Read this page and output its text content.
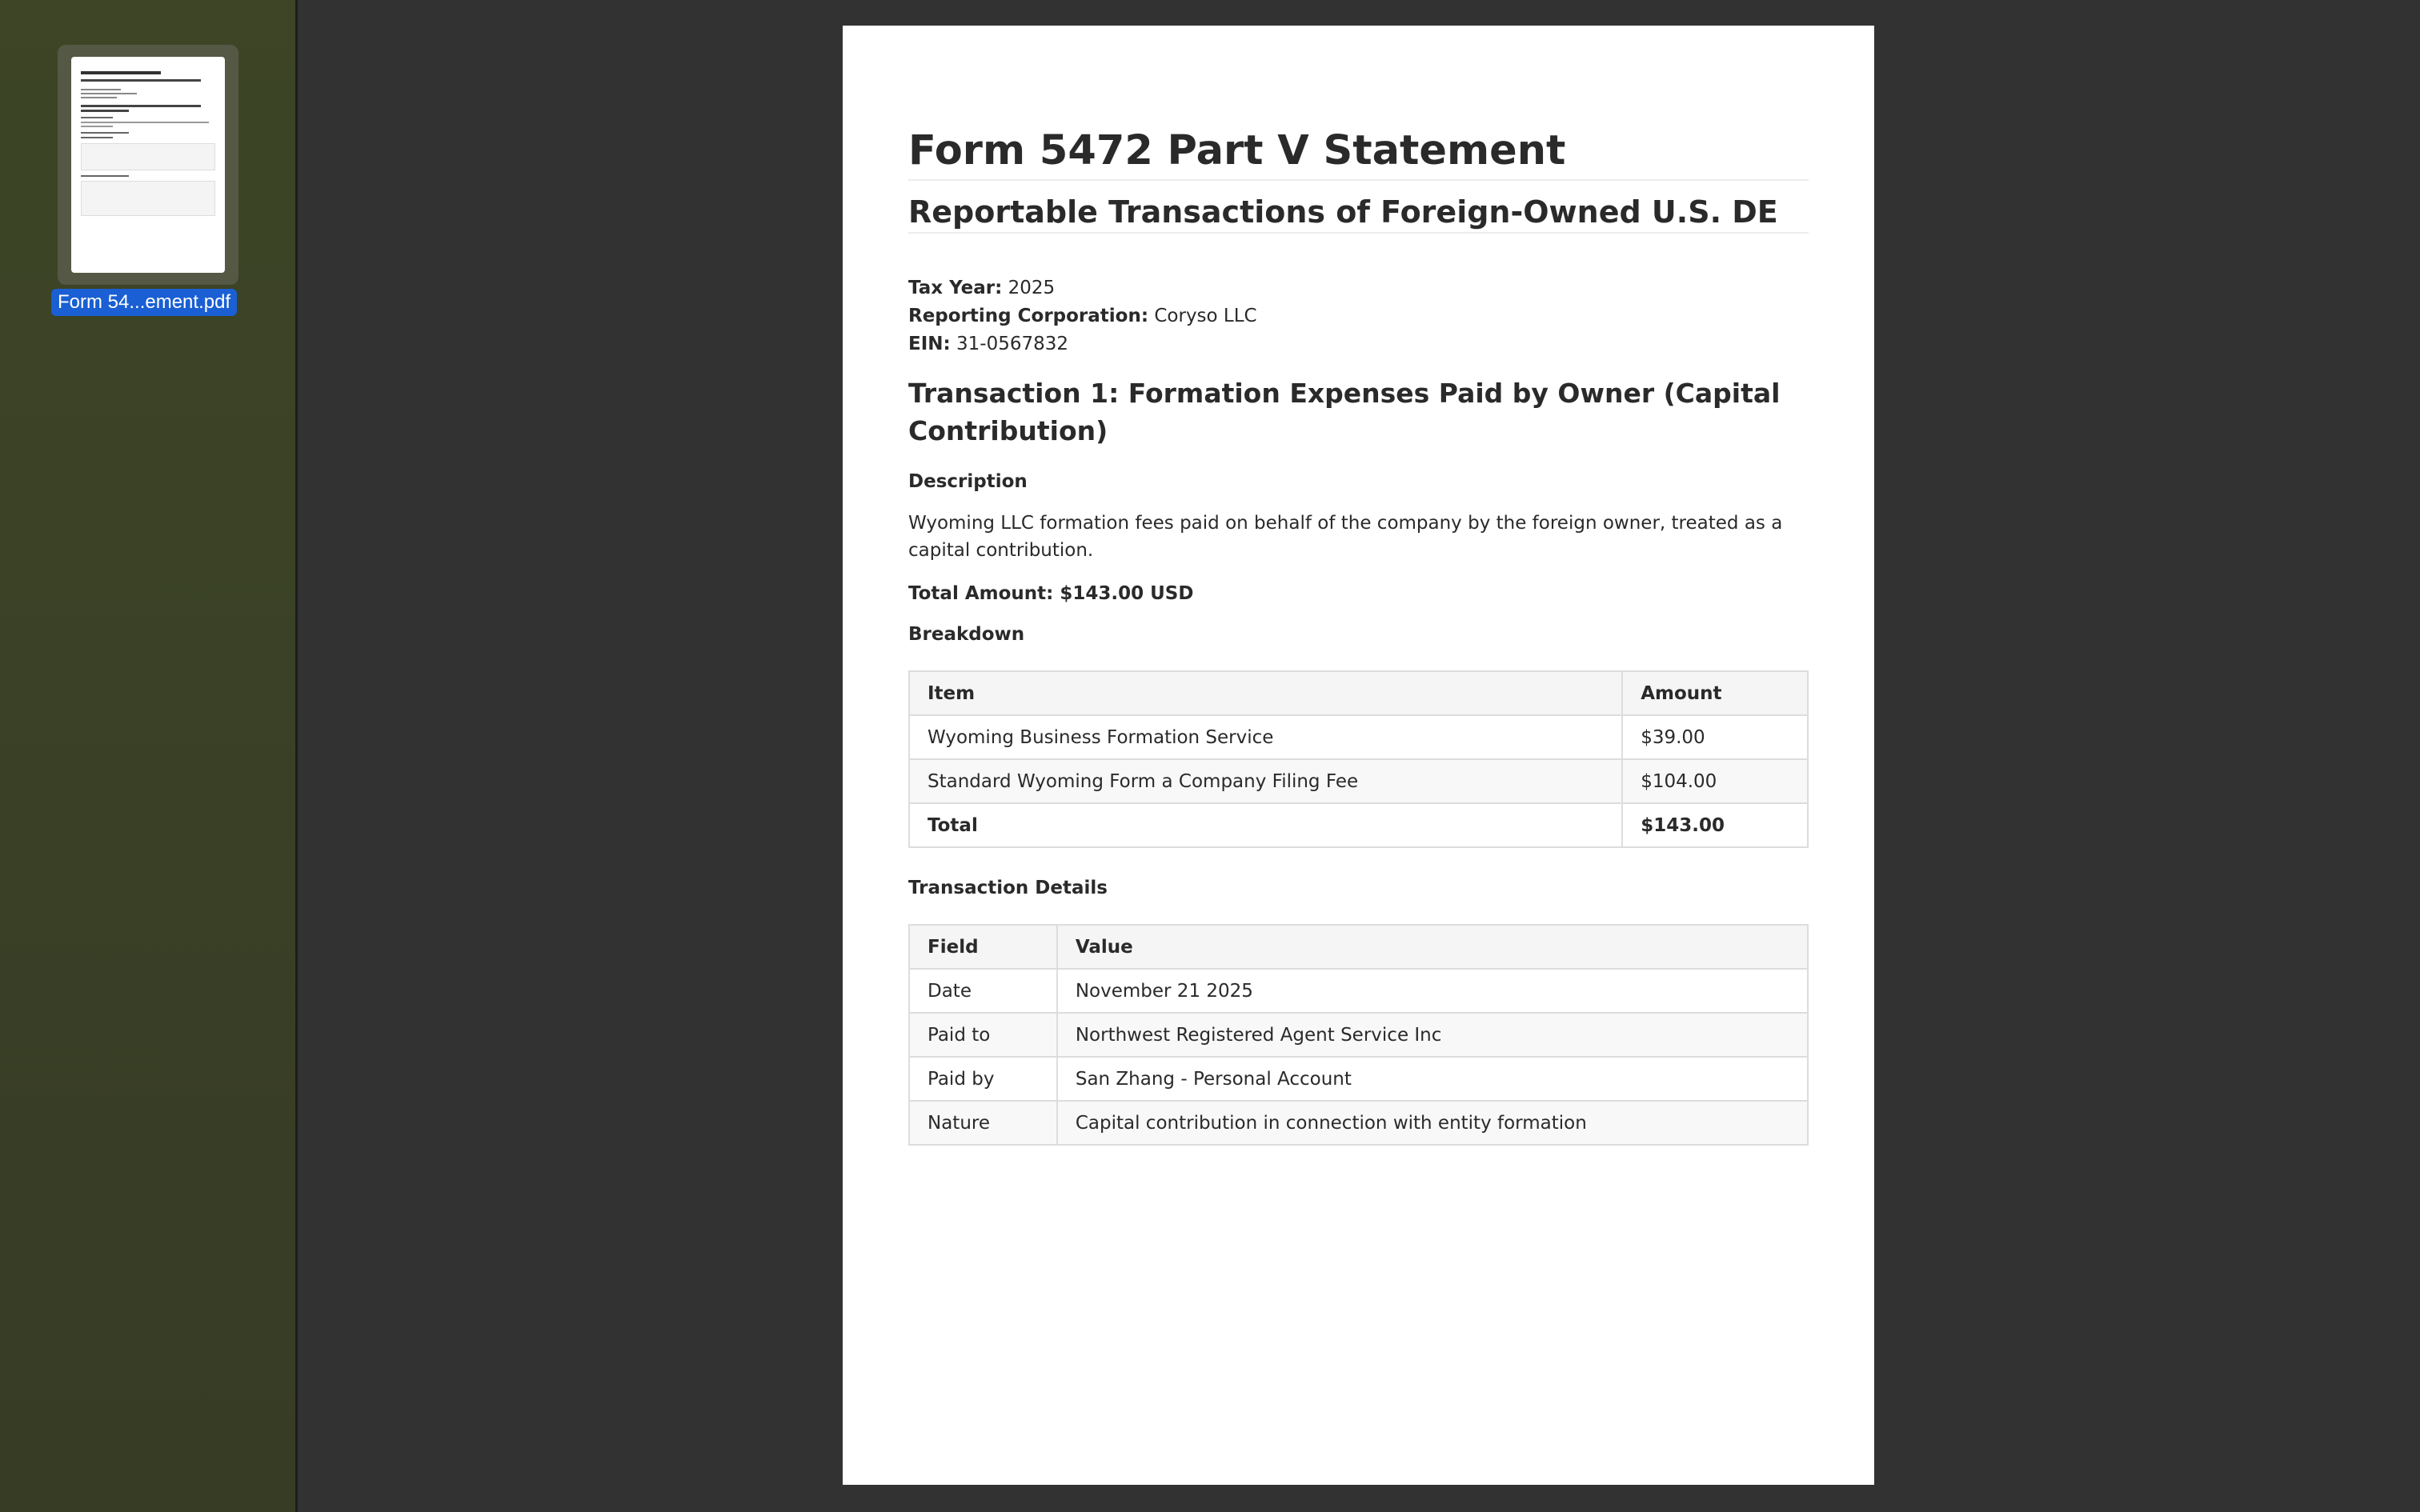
Form 54...ement.pdf
Form 5472 Part V Statement
Reportable Transactions of Foreign-Owned U.S. DE
Tax Year: 2025
Reporting Corporation: Coryso LLC
EIN: 31-0567832
Transaction 1: Formation Expenses Paid by Owner (Capital Contribution)
Description

Wyoming LLC formation fees paid on behalf of the company by the foreign owner, treated as a capital contribution.

Total Amount: $143.00 USD
Breakdown
Item	Amount
Wyoming Business Formation Service	$39.00
Standard Wyoming Form a Company Filing Fee	$104.00
Total	$143.00
Transaction Details
Field	Value
Date	November 21 2025
Paid to	Northwest Registered Agent Service Inc
Paid by	San Zhang - Personal Account
Nature	Capital contribution in connection with entity formation
